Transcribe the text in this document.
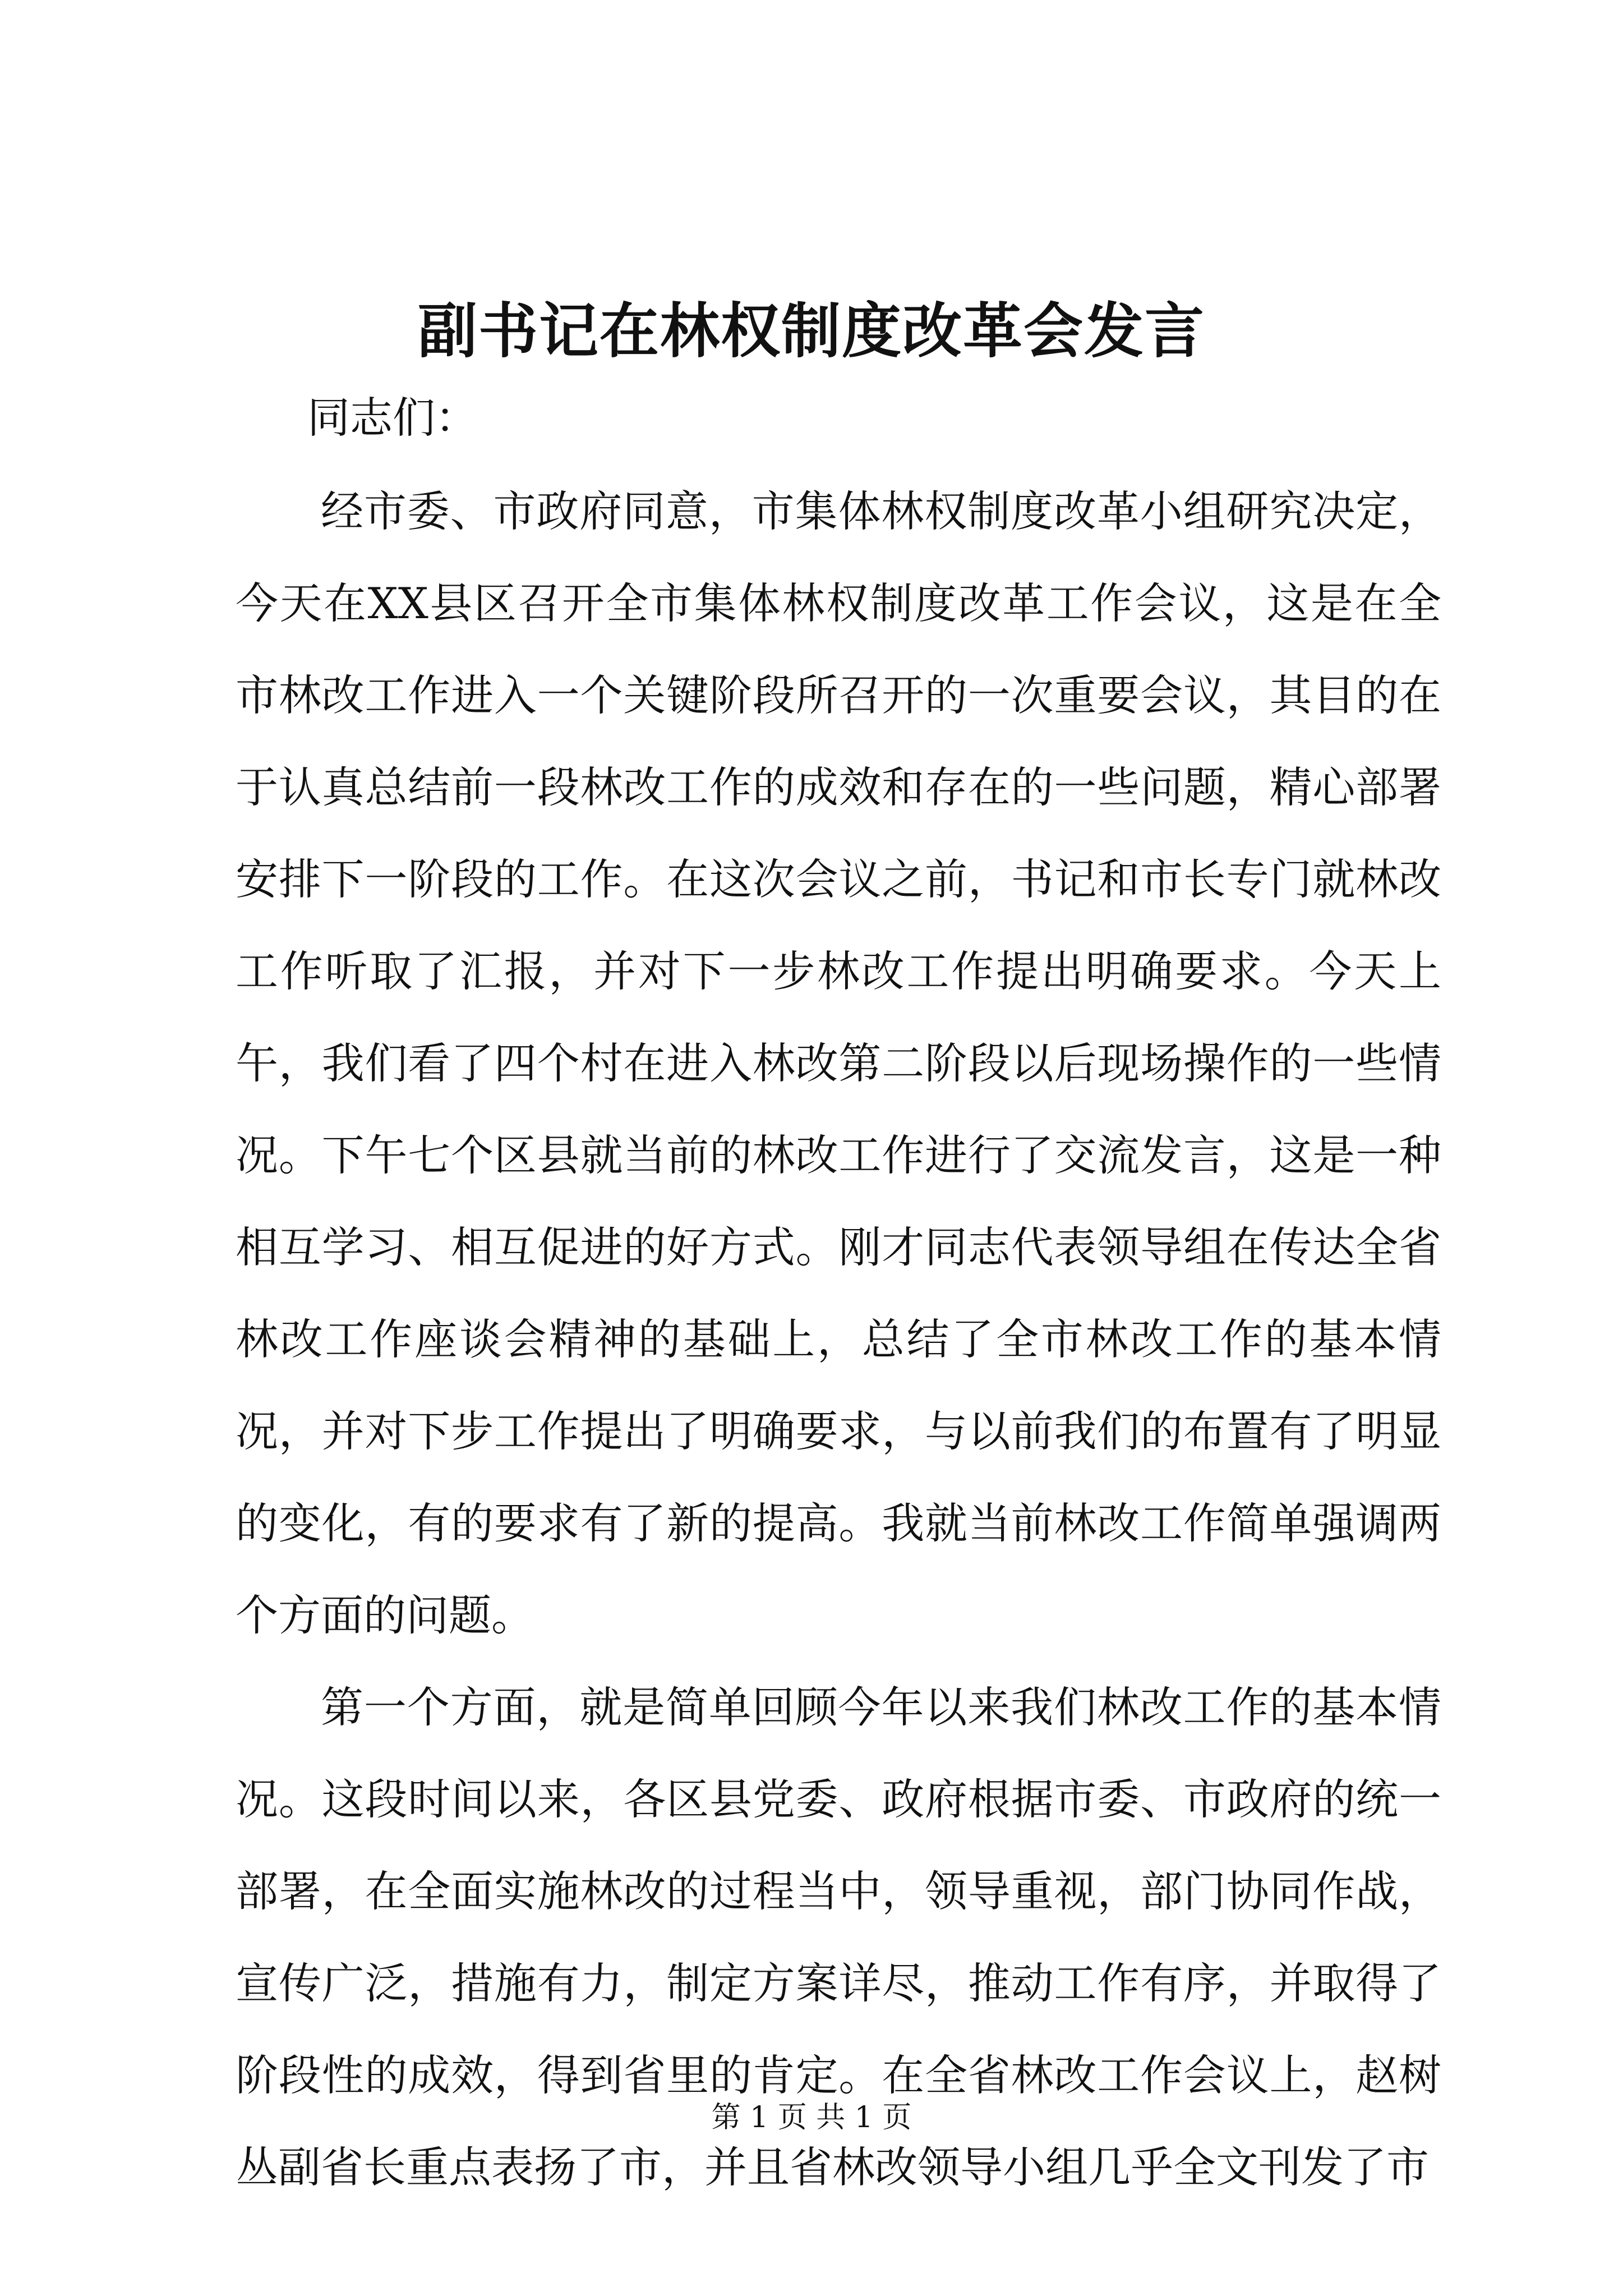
副书记在林权制度改革会发言

同志们：

经市委、市政府同意，市集体林权制度改革小组研究决定，今天在XX县区召开全市集体林权制度改革工作会议，这是在全市林改工作进入一个关键阶段所召开的一次重要会议，其目的在于认真总结前一段林改工作的成效和存在的一些问题，精心部署安排下一阶段的工作。在这次会议之前，书记和市长专门就林改工作听取了汇报，并对下一步林改工作提出明确要求。今天上午，我们看了四个村在进入林改第二阶段以后现场操作的一些情况。下午七个区县就当前的林改工作进行了交流发言，这是一种相互学习、相互促进的好方式。刚才同志代表领导组在传达全省林改工作座谈会精神的基础上，总结了全市林改工作的基本情况，并对下步工作提出了明确要求，与以前我们的布置有了明显的变化，有的要求有了新的提高。我就当前林改工作简单强调两个方面的问题。

第一个方面，就是简单回顾今年以来我们林改工作的基本情况。这段时间以来，各区县党委、政府根据市委、市政府的统一部署，在全面实施林改的过程当中，领导重视，部门协同作战，宣传广泛，措施有力，制定方案详尽，推动工作有序，并取得了阶段性的成效，得到省里的肯定。在全省林改工作会议上，赵树丛副省长重点表扬了市，并且省林改领导小组几乎全文刊发了市

第 1 页 共 1 页
